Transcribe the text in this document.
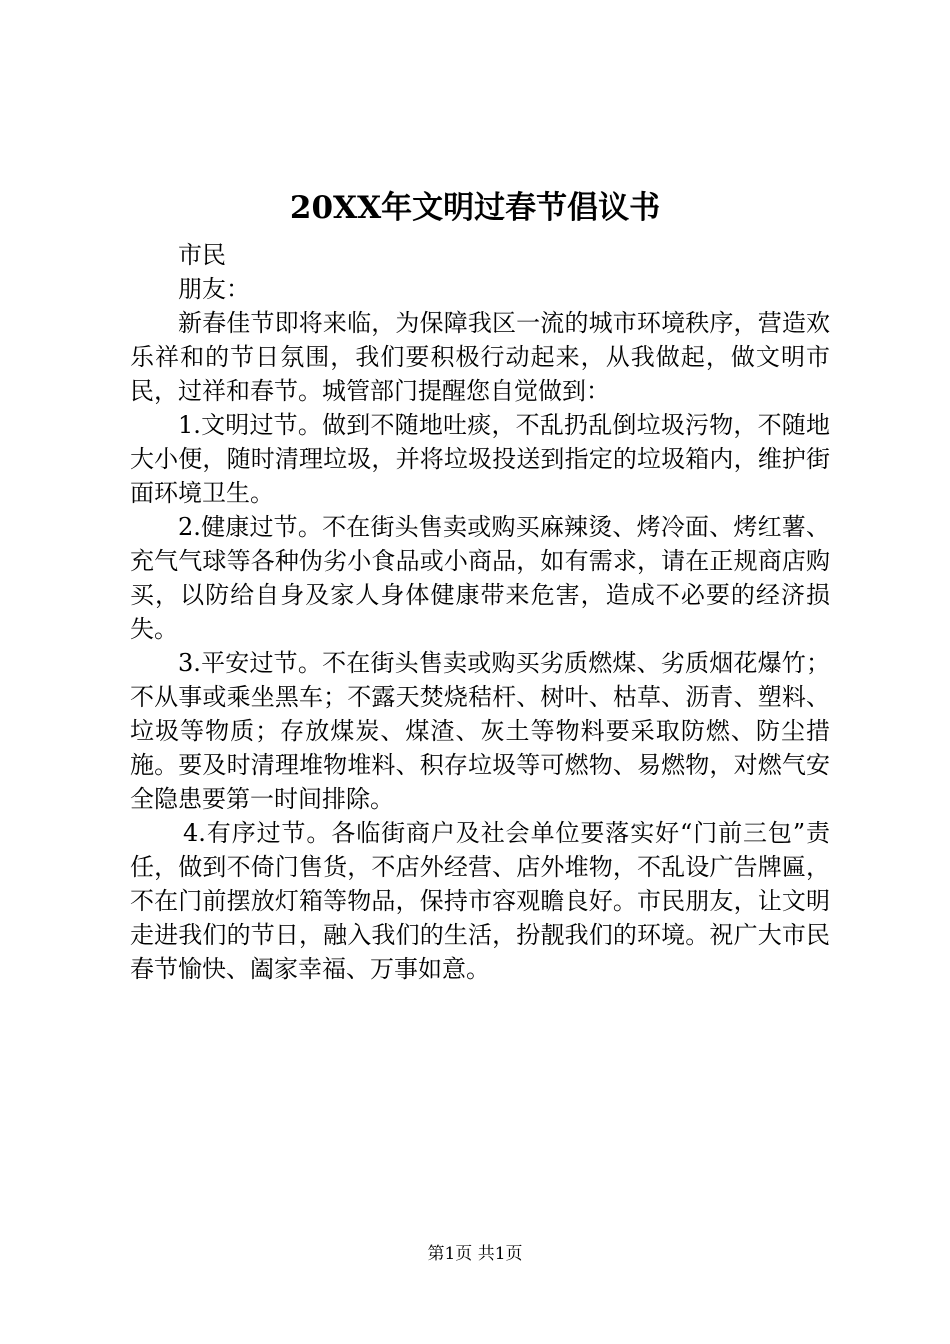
20XX年文明过春节倡议书

市民

朋友：

新春佳节即将来临，为保障我区一流的城市环境秩序，营造欢乐祥和的节日氛围，我们要积极行动起来，从我做起，做文明市民，过祥和春节。城管部门提醒您自觉做到：

1.文明过节。做到不随地吐痰，不乱扔乱倒垃圾污物，不随地大小便，随时清理垃圾，并将垃圾投送到指定的垃圾箱内，维护街面环境卫生。

2.健康过节。不在街头售卖或购买麻辣烫、烤冷面、烤红薯、充气气球等各种伪劣小食品或小商品，如有需求，请在正规商店购买，以防给自身及家人身体健康带来危害，造成不必要的经济损失。

3.平安过节。不在街头售卖或购买劣质燃煤、劣质烟花爆竹；不从事或乘坐黑车；不露天焚烧秸杆、树叶、枯草、沥青、塑料、垃圾等物质；存放煤炭、煤渣、灰土等物料要采取防燃、防尘措施。要及时清理堆物堆料、积存垃圾等可燃物、易燃物，对燃气安全隐患要第一时间排除。

4.有序过节。各临街商户及社会单位要落实好“门前三包”责任，做到不倚门售货，不店外经营、店外堆物，不乱设广告牌匾，不在门前摆放灯箱等物品，保持市容观瞻良好。市民朋友，让文明走进我们的节日，融入我们的生活，扮靓我们的环境。祝广大市民春节愉快、阖家幸福、万事如意。

第1页 共1页
